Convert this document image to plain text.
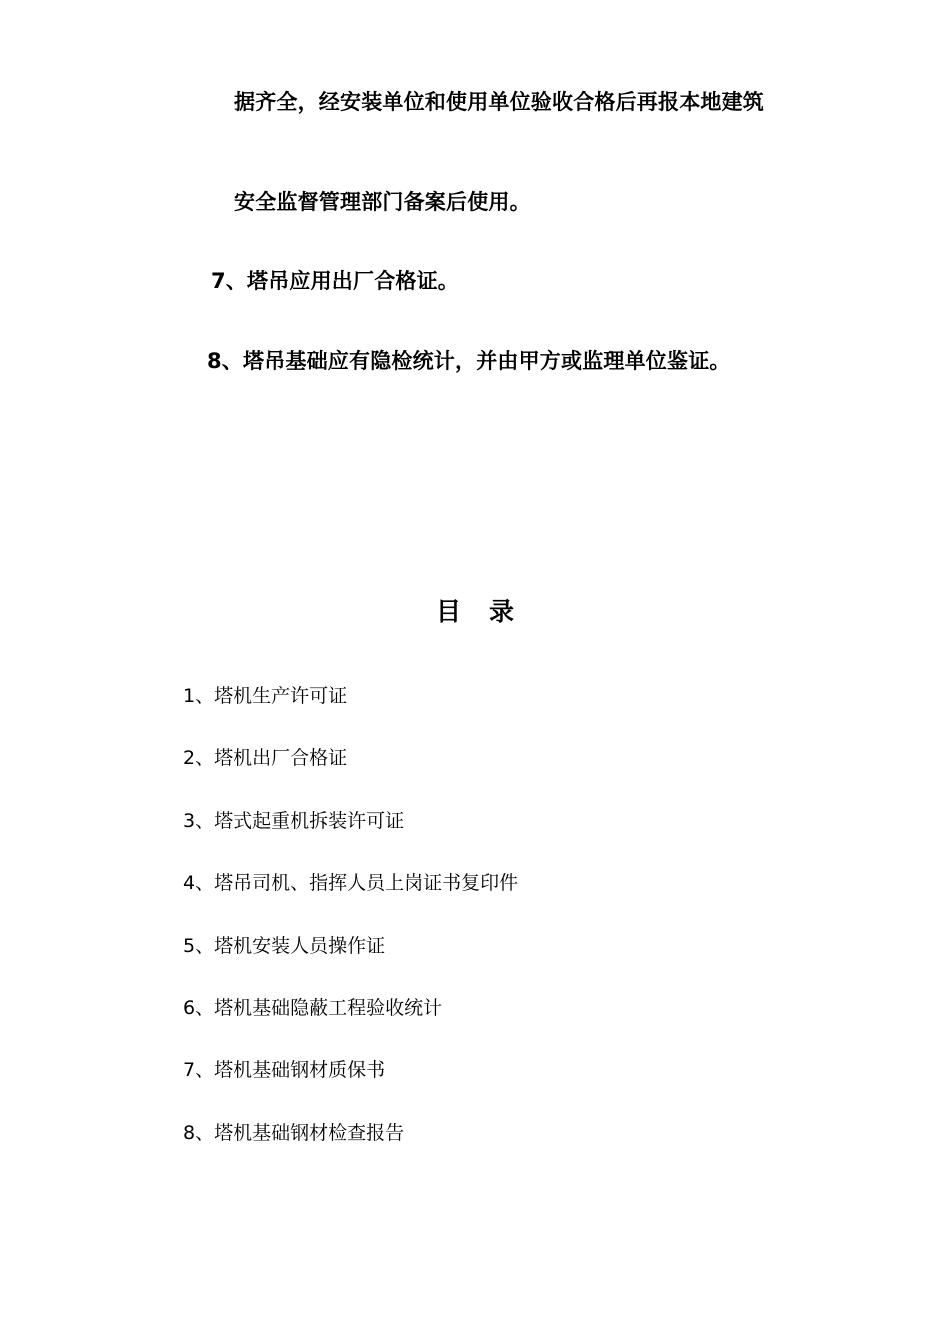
据齐全，经安装单位和使用单位验收合格后再报本地建筑
安全监督管理部门备案后使用。
7、塔吊应用出厂合格证。
8、塔吊基础应有隐检统计，并由甲方或监理单位鉴证。
目录
1、塔机生产许可证
2、塔机出厂合格证
3、塔式起重机拆装许可证
4、塔吊司机、指挥人员上岗证书复印件
5、塔机安装人员操作证
6、塔机基础隐蔽工程验收统计
7、塔机基础钢材质保书
8、塔机基础钢材检查报告
